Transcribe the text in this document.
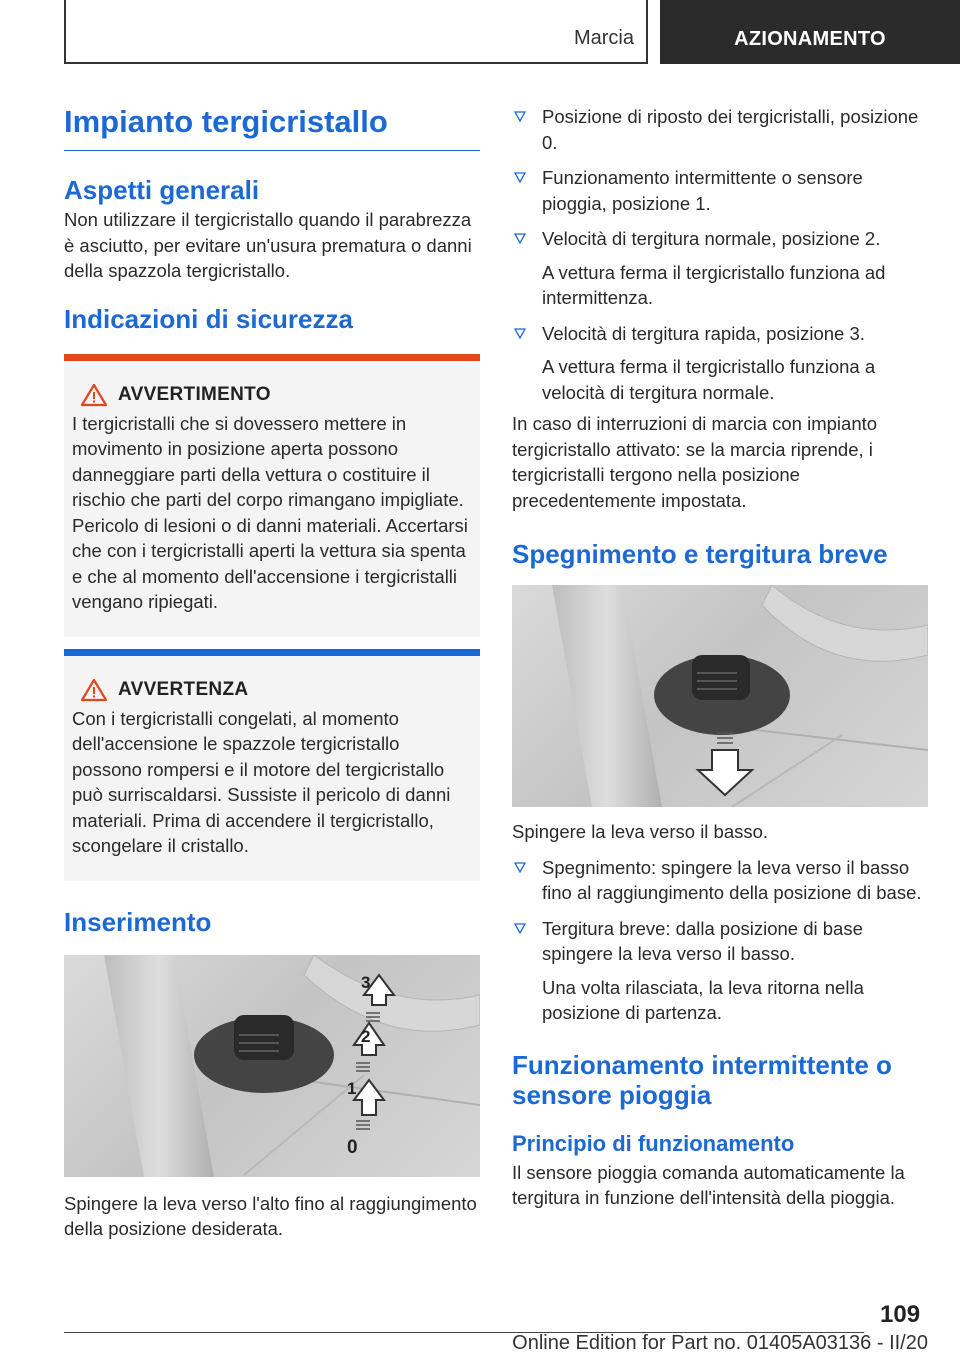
Marcia	AZIONAMENTO
Impianto tergicristallo
Aspetti generali

Non utilizzare il tergicristallo quando il parabrezza è asciutto, per evitare un'usura prematura o danni della spazzola tergicristallo.

Indicazioni di sicurezza
AVVERTIMENTO

I tergicristalli che si dovessero mettere in movimento in posizione aperta possono danneggiare parti della vettura o costituire il rischio che parti del corpo rimangano impigliate. Pericolo di lesioni o di danni materiali. Accertarsi che con i tergicristalli aperti la vettura sia spenta e che al momento dell'accensione i tergicristalli vengano ripiegati.

AVVERTENZA

Con i tergicristalli congelati, al momento dell'accensione le spazzole tergicristallo possono rompersi e il motore del tergicristallo può surriscaldarsi. Sussiste il pericolo di danni materiali. Prima di accendere il tergicristallo, scongelare il cristallo.

Inserimento
3
2
1
0

Spingere la leva verso l'alto fino al raggiungimento della posizione desiderata.

Posizione di riposto dei tergicristalli, posizione 0.
Funzionamento intermittente o sensore pioggia, posizione 1.
Velocità di tergitura normale, posizione 2.
A vettura ferma il tergicristallo funziona ad intermittenza.
Velocità di tergitura rapida, posizione 3.
A vettura ferma il tergicristallo funziona a velocità di tergitura normale.

In caso di interruzioni di marcia con impianto tergicristallo attivato: se la marcia riprende, i tergicristalli tergono nella posizione precedentemente impostata.

Spegnimento e tergitura breve

Spingere la leva verso il basso.

Spegnimento: spingere la leva verso il basso fino al raggiungimento della posizione di base.
Tergitura breve: dalla posizione di base spingere la leva verso il basso.
Una volta rilasciata, la leva ritorna nella posizione di partenza.
Funzionamento intermittente o sensore pioggia
Principio di funzionamento

Il sensore pioggia comanda automaticamente la tergitura in funzione dell'intensità della pioggia.

109
Online Edition for Part no. 01405A03136 - II/20
